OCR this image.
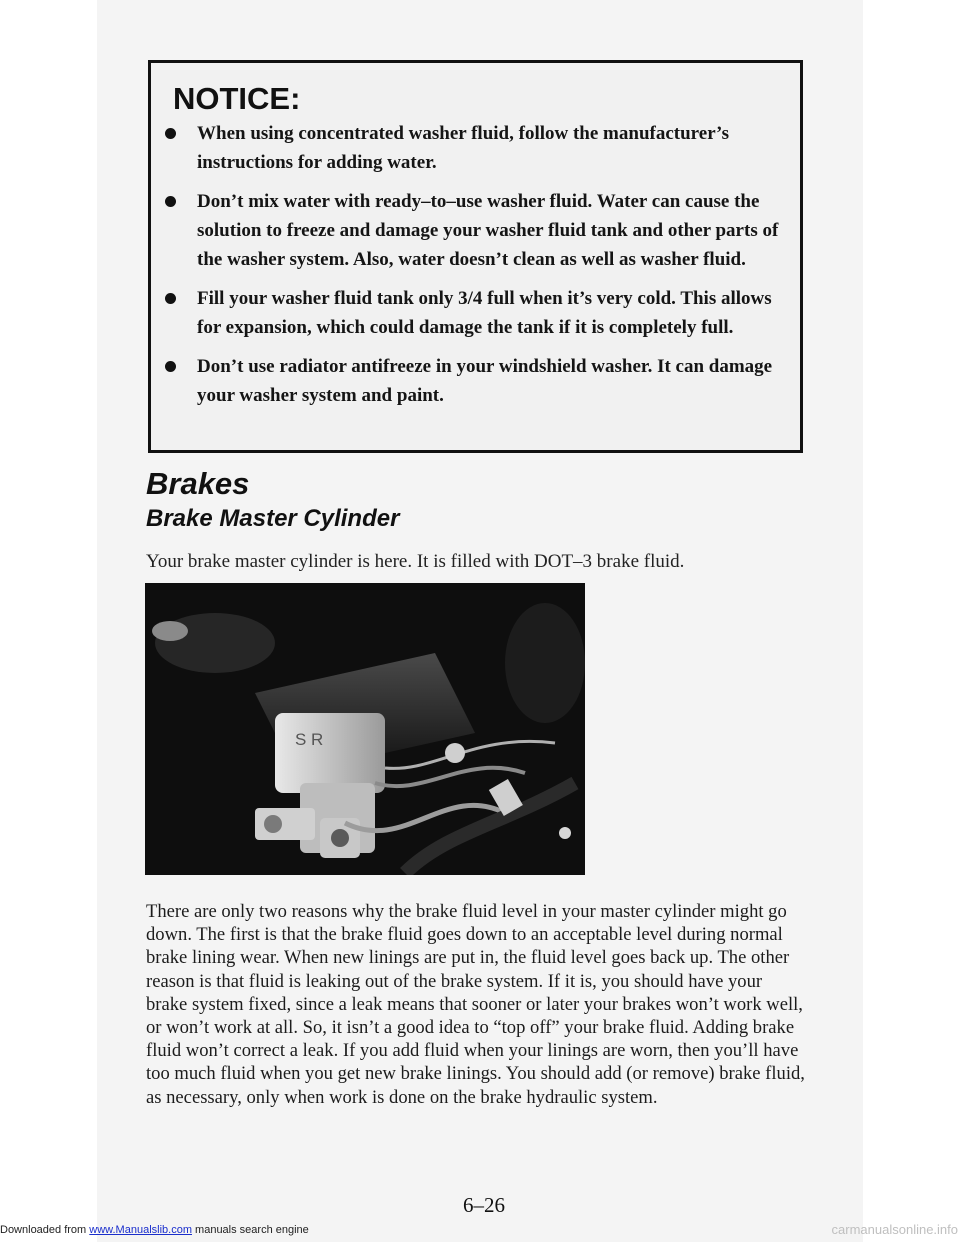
NOTICE:
When using concentrated washer fluid, follow the manufacturer’s instructions for adding water.
Don’t mix water with ready–to–use washer fluid. Water can cause the solution to freeze and damage your washer fluid tank and other parts of the washer system. Also, water doesn’t clean as well as washer fluid.
Fill your washer fluid tank only 3/4 full when it’s very cold. This allows for expansion, which could damage the tank if it is completely full.
Don’t use radiator antifreeze in your windshield washer. It can damage your washer system and paint.
Brakes
Brake Master Cylinder

Your brake master cylinder is here. It is filled with DOT–3 brake fluid.

S R

There are only two reasons why the brake fluid level in your master cylinder might go down. The first is that the brake fluid goes down to an acceptable level during normal brake lining wear. When new linings are put in, the fluid level goes back up. The other reason is that fluid is leaking out of the brake system. If it is, you should have your brake system fixed, since a leak means that sooner or later your brakes won’t work well, or won’t work at all. So, it isn’t a good idea to “top off” your brake fluid. Adding brake fluid won’t correct a leak. If you add fluid when your linings are worn, then you’ll have too much fluid when you get new brake linings. You should add (or remove) brake fluid, as necessary, only when work is done on the brake hydraulic system.

6–26

Downloaded from www.Manualslib.com manuals search engine	carmanualsonline.info
